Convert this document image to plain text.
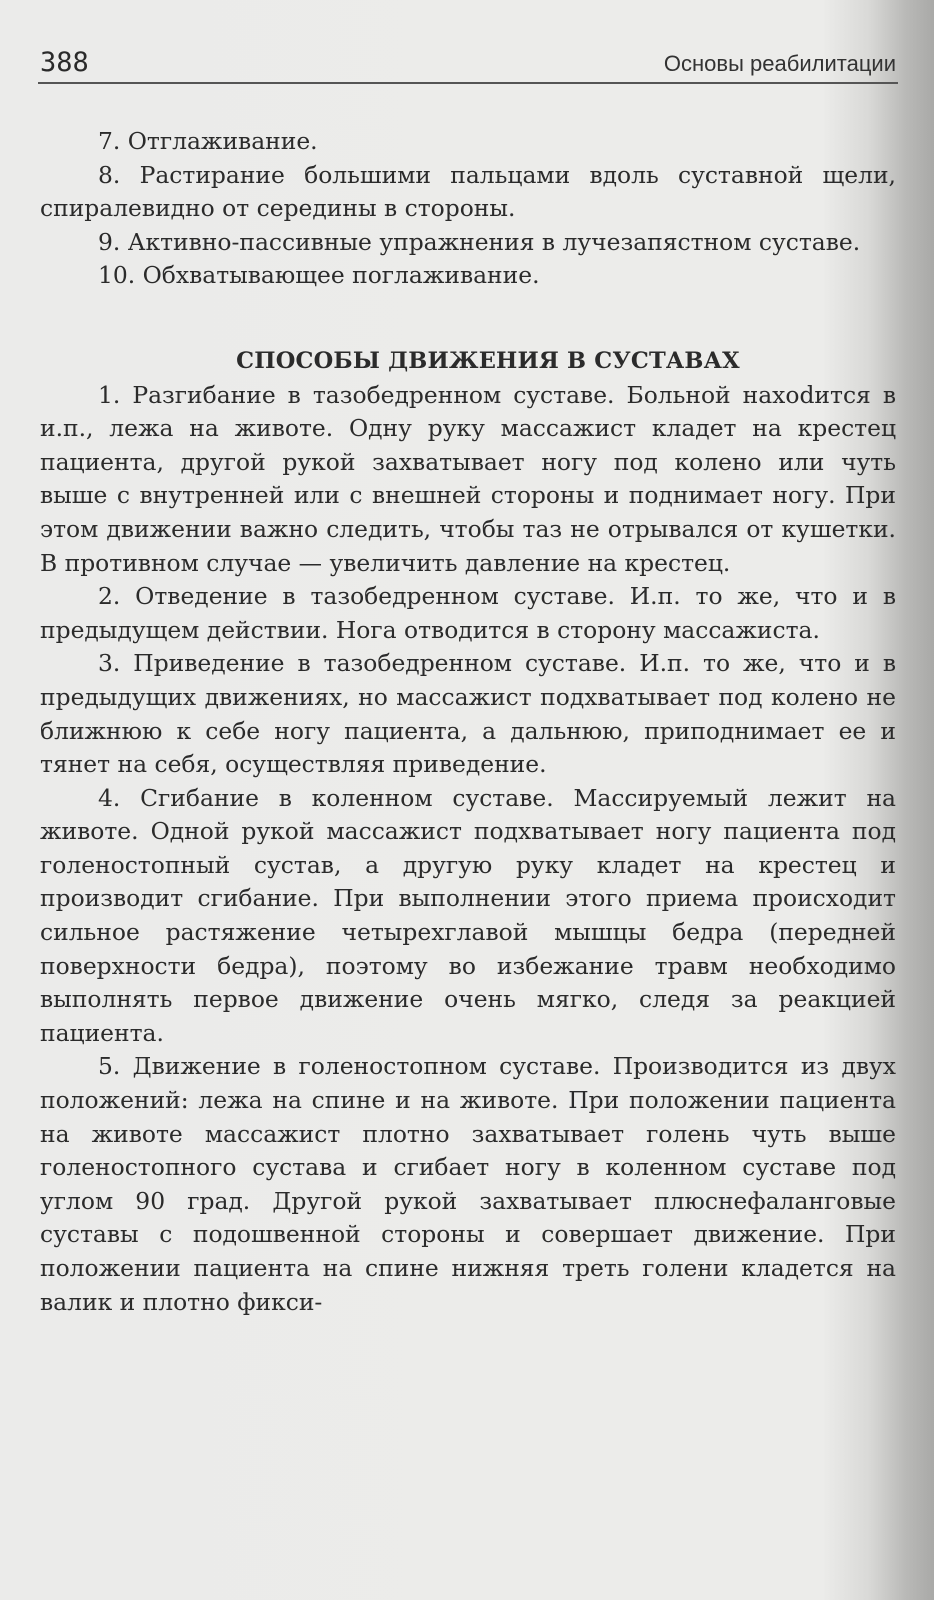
388	Основы реабилитации

7. Отглаживание.

8. Растирание большими пальцами вдоль суставной щели, спиралевидно от середины в стороны.

9. Активно-пассивные упражнения в лучезапястном суставе.

10. Обхватывающее поглаживание.

СПОСОБЫ ДВИЖЕНИЯ В СУСТАВАХ

1. Разгибание в тазобедренном суставе. Больной нахоdится в и.п., лежа на животе. Одну руку массажист кладет на крестец пациента, другой рукой захватывает ногу под колено или чуть выше с внутренней или с внешней стороны и поднимает ногу. При этом движении важно следить, чтобы таз не отрывался от кушетки. В противном случае — увеличить давление на крестец.

2. Отведение в тазобедренном суставе. И.п. то же, что и в предыдущем действии. Нога отводится в сторону массажиста.

3. Приведение в тазобедренном суставе. И.п. то же, что и в предыдущих движениях, но массажист подхватывает под колено не ближнюю к себе ногу пациента, а дальнюю, приподнимает ее и тянет на себя, осуществляя приведение.

4. Сгибание в коленном суставе. Массируемый лежит на животе. Одной рукой массажист подхватывает ногу пациента под голеностопный сустав, а другую руку кладет на крестец и производит сгибание. При выполнении этого приема происходит сильное растяжение четырехглавой мышцы бедра (передней поверхности бедра), поэтому во избежание травм необходимо выполнять первое движение очень мягко, следя за реакцией пациента.

5. Движение в голеностопном суставе. Производится из двух положений: лежа на спине и на животе. При положении пациента на животе массажист плотно захватывает голень чуть выше голеностопного сустава и сгибает ногу в коленном суставе под углом 90 град. Другой рукой захватывает плюснефаланговые суставы с подошвенной стороны и совершает движение. При положении пациента на спине нижняя треть голени кладется на валик и плотно фикси-
